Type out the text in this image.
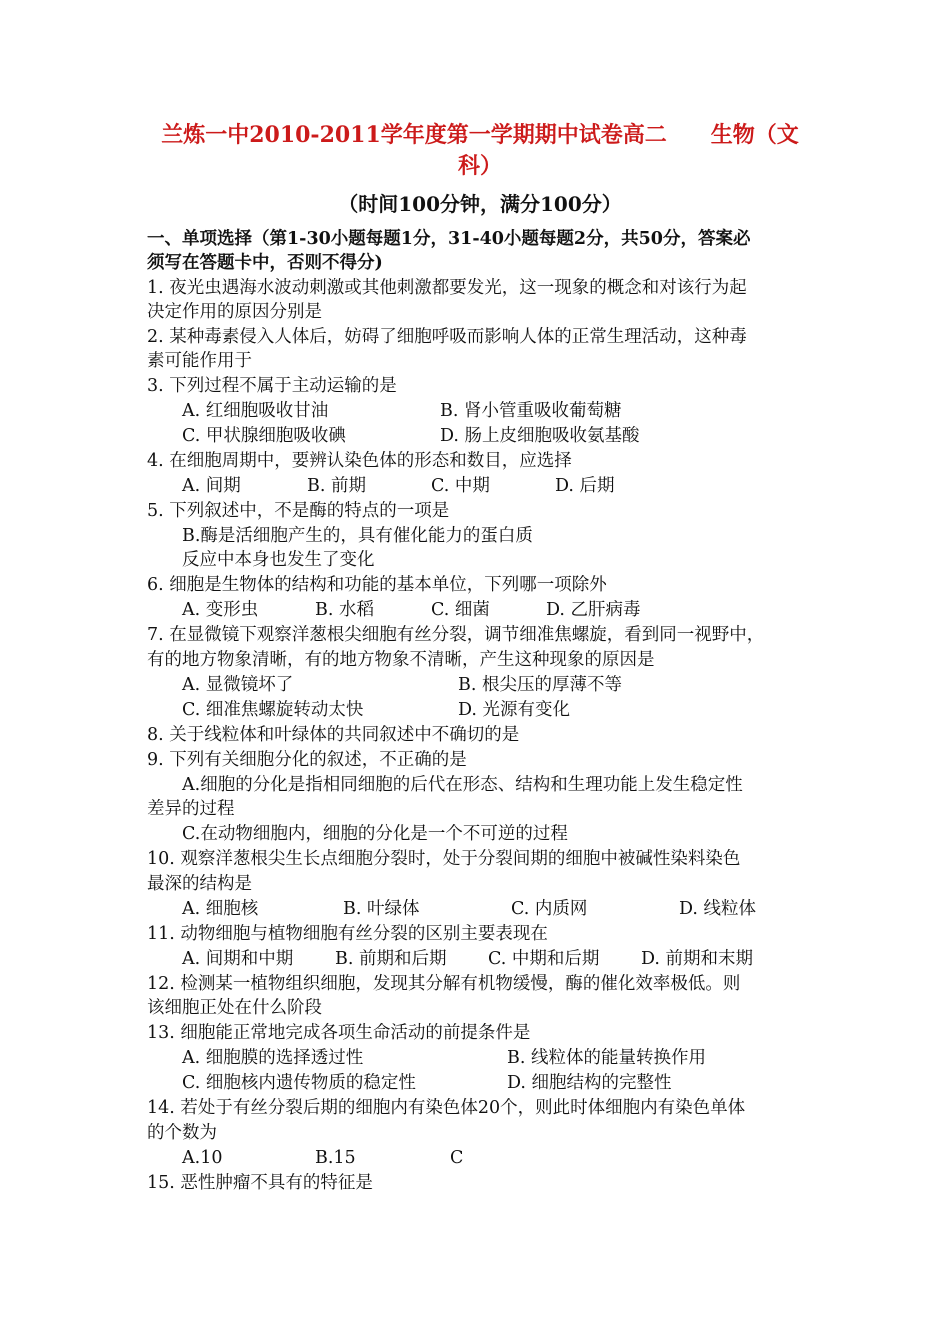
兰炼一中2010-2011学年度第一学期期中试卷高二　　生物（文
科）
（时间100分钟，满分100分）
一、单项选择（第1-30小题每题1分，31-40小题每题2分，共50分，答案必
须写在答题卡中，否则不得分)
1. 夜光虫遇海水波动刺激或其他刺激都要发光，这一现象的概念和对该行为起
决定作用的原因分别是
2. 某种毒素侵入人体后，妨碍了细胞呼吸而影响人体的正常生理活动，这种毒
素可能作用于
3. 下列过程不属于主动运输的是
A. 红细胞吸收甘油	B. 肾小管重吸收葡萄糖
C. 甲状腺细胞吸收碘	D. 肠上皮细胞吸收氨基酸
4. 在细胞周期中，要辨认染色体的形态和数目，应选择
A. 间期	B. 前期	C. 中期	D. 后期
5. 下列叙述中，不是酶的特点的一项是
B.酶是活细胞产生的，具有催化能力的蛋白质
反应中本身也发生了变化
6. 细胞是生物体的结构和功能的基本单位，下列哪一项除外
A. 变形虫	B. 水稻	C. 细菌	D. 乙肝病毒
7. 在显微镜下观察洋葱根尖细胞有丝分裂，调节细准焦螺旋，看到同一视野中，
有的地方物象清晰，有的地方物象不清晰，产生这种现象的原因是
A. 显微镜坏了	B. 根尖压的厚薄不等
C. 细准焦螺旋转动太快	D. 光源有变化
8. 关于线粒体和叶绿体的共同叙述中不确切的是
9. 下列有关细胞分化的叙述，不正确的是
A.细胞的分化是指相同细胞的后代在形态、结构和生理功能上发生稳定性
差异的过程
C.在动物细胞内，细胞的分化是一个不可逆的过程
10. 观察洋葱根尖生长点细胞分裂时，处于分裂间期的细胞中被碱性染料染色
最深的结构是
A. 细胞核	B. 叶绿体	C. 内质网	D. 线粒体
11. 动物细胞与植物细胞有丝分裂的区别主要表现在
A. 间期和中期 B. 前期和后期 C. 中期和后期 D. 前期和末期
12. 检测某一植物组织细胞，发现其分解有机物缓慢，酶的催化效率极低。则
该细胞正处在什么阶段
13. 细胞能正常地完成各项生命活动的前提条件是
A. 细胞膜的选择透过性	B. 线粒体的能量转换作用
C. 细胞核内遗传物质的稳定性	D. 细胞结构的完整性
14. 若处于有丝分裂后期的细胞内有染色体20个，则此时体细胞内有染色单体
的个数为
A.10	B.15	C
15. 恶性肿瘤不具有的特征是
